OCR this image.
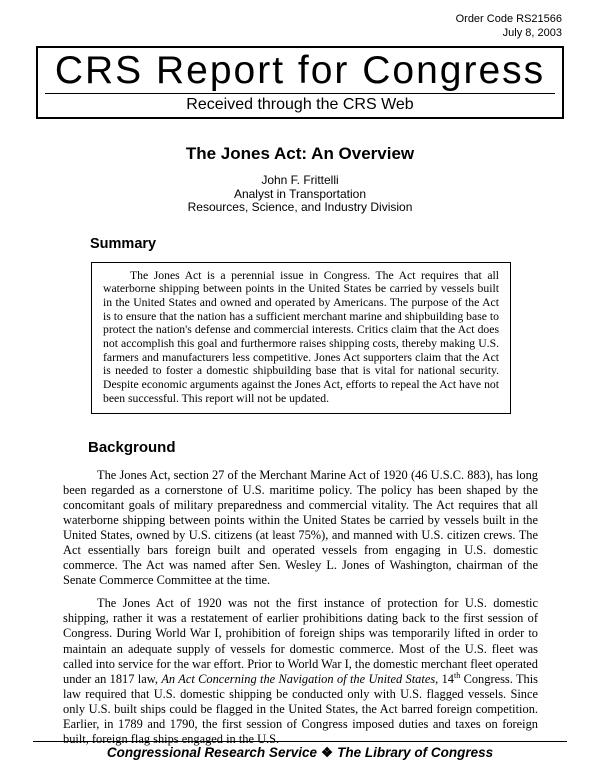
Order Code RS21566
July 8, 2003
CRS Report for Congress
Received through the CRS Web
The Jones Act: An Overview
John F. Frittelli
Analyst in Transportation
Resources, Science, and Industry Division
Summary

The Jones Act is a perennial issue in Congress. The Act requires that all waterborne shipping between points in the United States be carried by vessels built in the United States and owned and operated by Americans. The purpose of the Act is to ensure that the nation has a sufficient merchant marine and shipbuilding base to protect the nation's defense and commercial interests. Critics claim that the Act does not accomplish this goal and furthermore raises shipping costs, thereby making U.S. farmers and manufacturers less competitive. Jones Act supporters claim that the Act is needed to foster a domestic shipbuilding base that is vital for national security. Despite economic arguments against the Jones Act, efforts to repeal the Act have not been successful. This report will not be updated.

Background

The Jones Act, section 27 of the Merchant Marine Act of 1920 (46 U.S.C. 883), has long been regarded as a cornerstone of U.S. maritime policy. The policy has been shaped by the concomitant goals of military preparedness and commercial vitality. The Act requires that all waterborne shipping between points within the United States be carried by vessels built in the United States, owned by U.S. citizens (at least 75%), and manned with U.S. citizen crews. The Act essentially bars foreign built and operated vessels from engaging in U.S. domestic commerce. The Act was named after Sen. Wesley L. Jones of Washington, chairman of the Senate Commerce Committee at the time.

The Jones Act of 1920 was not the first instance of protection for U.S. domestic shipping, rather it was a restatement of earlier prohibitions dating back to the first session of Congress. During World War I, prohibition of foreign ships was temporarily lifted in order to maintain an adequate supply of vessels for domestic commerce. Most of the U.S. fleet was called into service for the war effort. Prior to World War I, the domestic merchant fleet operated under an 1817 law, An Act Concerning the Navigation of the United States, 14th Congress. This law required that U.S. domestic shipping be conducted only with U.S. flagged vessels. Since only U.S. built ships could be flagged in the United States, the Act barred foreign competition. Earlier, in 1789 and 1790, the first session of Congress imposed duties and taxes on foreign built, foreign flag ships engaged in the U.S.

Congressional Research Service ❖ The Library of Congress
